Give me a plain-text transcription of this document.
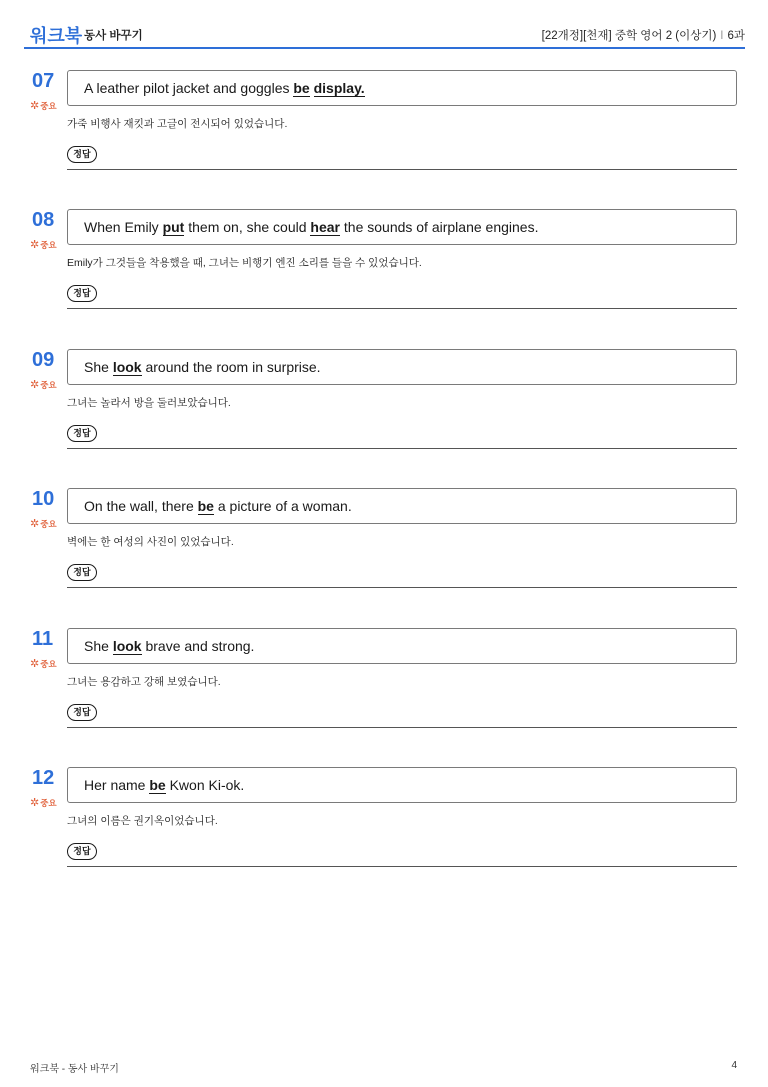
워크북 동사 바꾸기	[22개정][천재] 중학 영어 2 (이상기) I 6과
07
✲중요
A leather pilot jacket and goggles be display.
가죽 비행사 재킷과 고글이 전시되어 있었습니다.
정답
08
✲중요
When Emily put them on, she could hear the sounds of airplane engines.
Emily가 그것들을 착용했을 때, 그녀는 비행기 엔진 소리를 들을 수 있었습니다.
정답
09
✲중요
She look around the room in surprise.
그녀는 놀라서 방을 둘러보았습니다.
정답
10
✲중요
On the wall, there be a picture of a woman.
벽에는 한 여성의 사진이 있었습니다.
정답
11
✲중요
She look brave and strong.
그녀는 용감하고 강해 보였습니다.
정답
12
✲중요
Her name be Kwon Ki-ok.
그녀의 이름은 권기옥이었습니다.
정답
워크북 - 동사 바꾸기	4
